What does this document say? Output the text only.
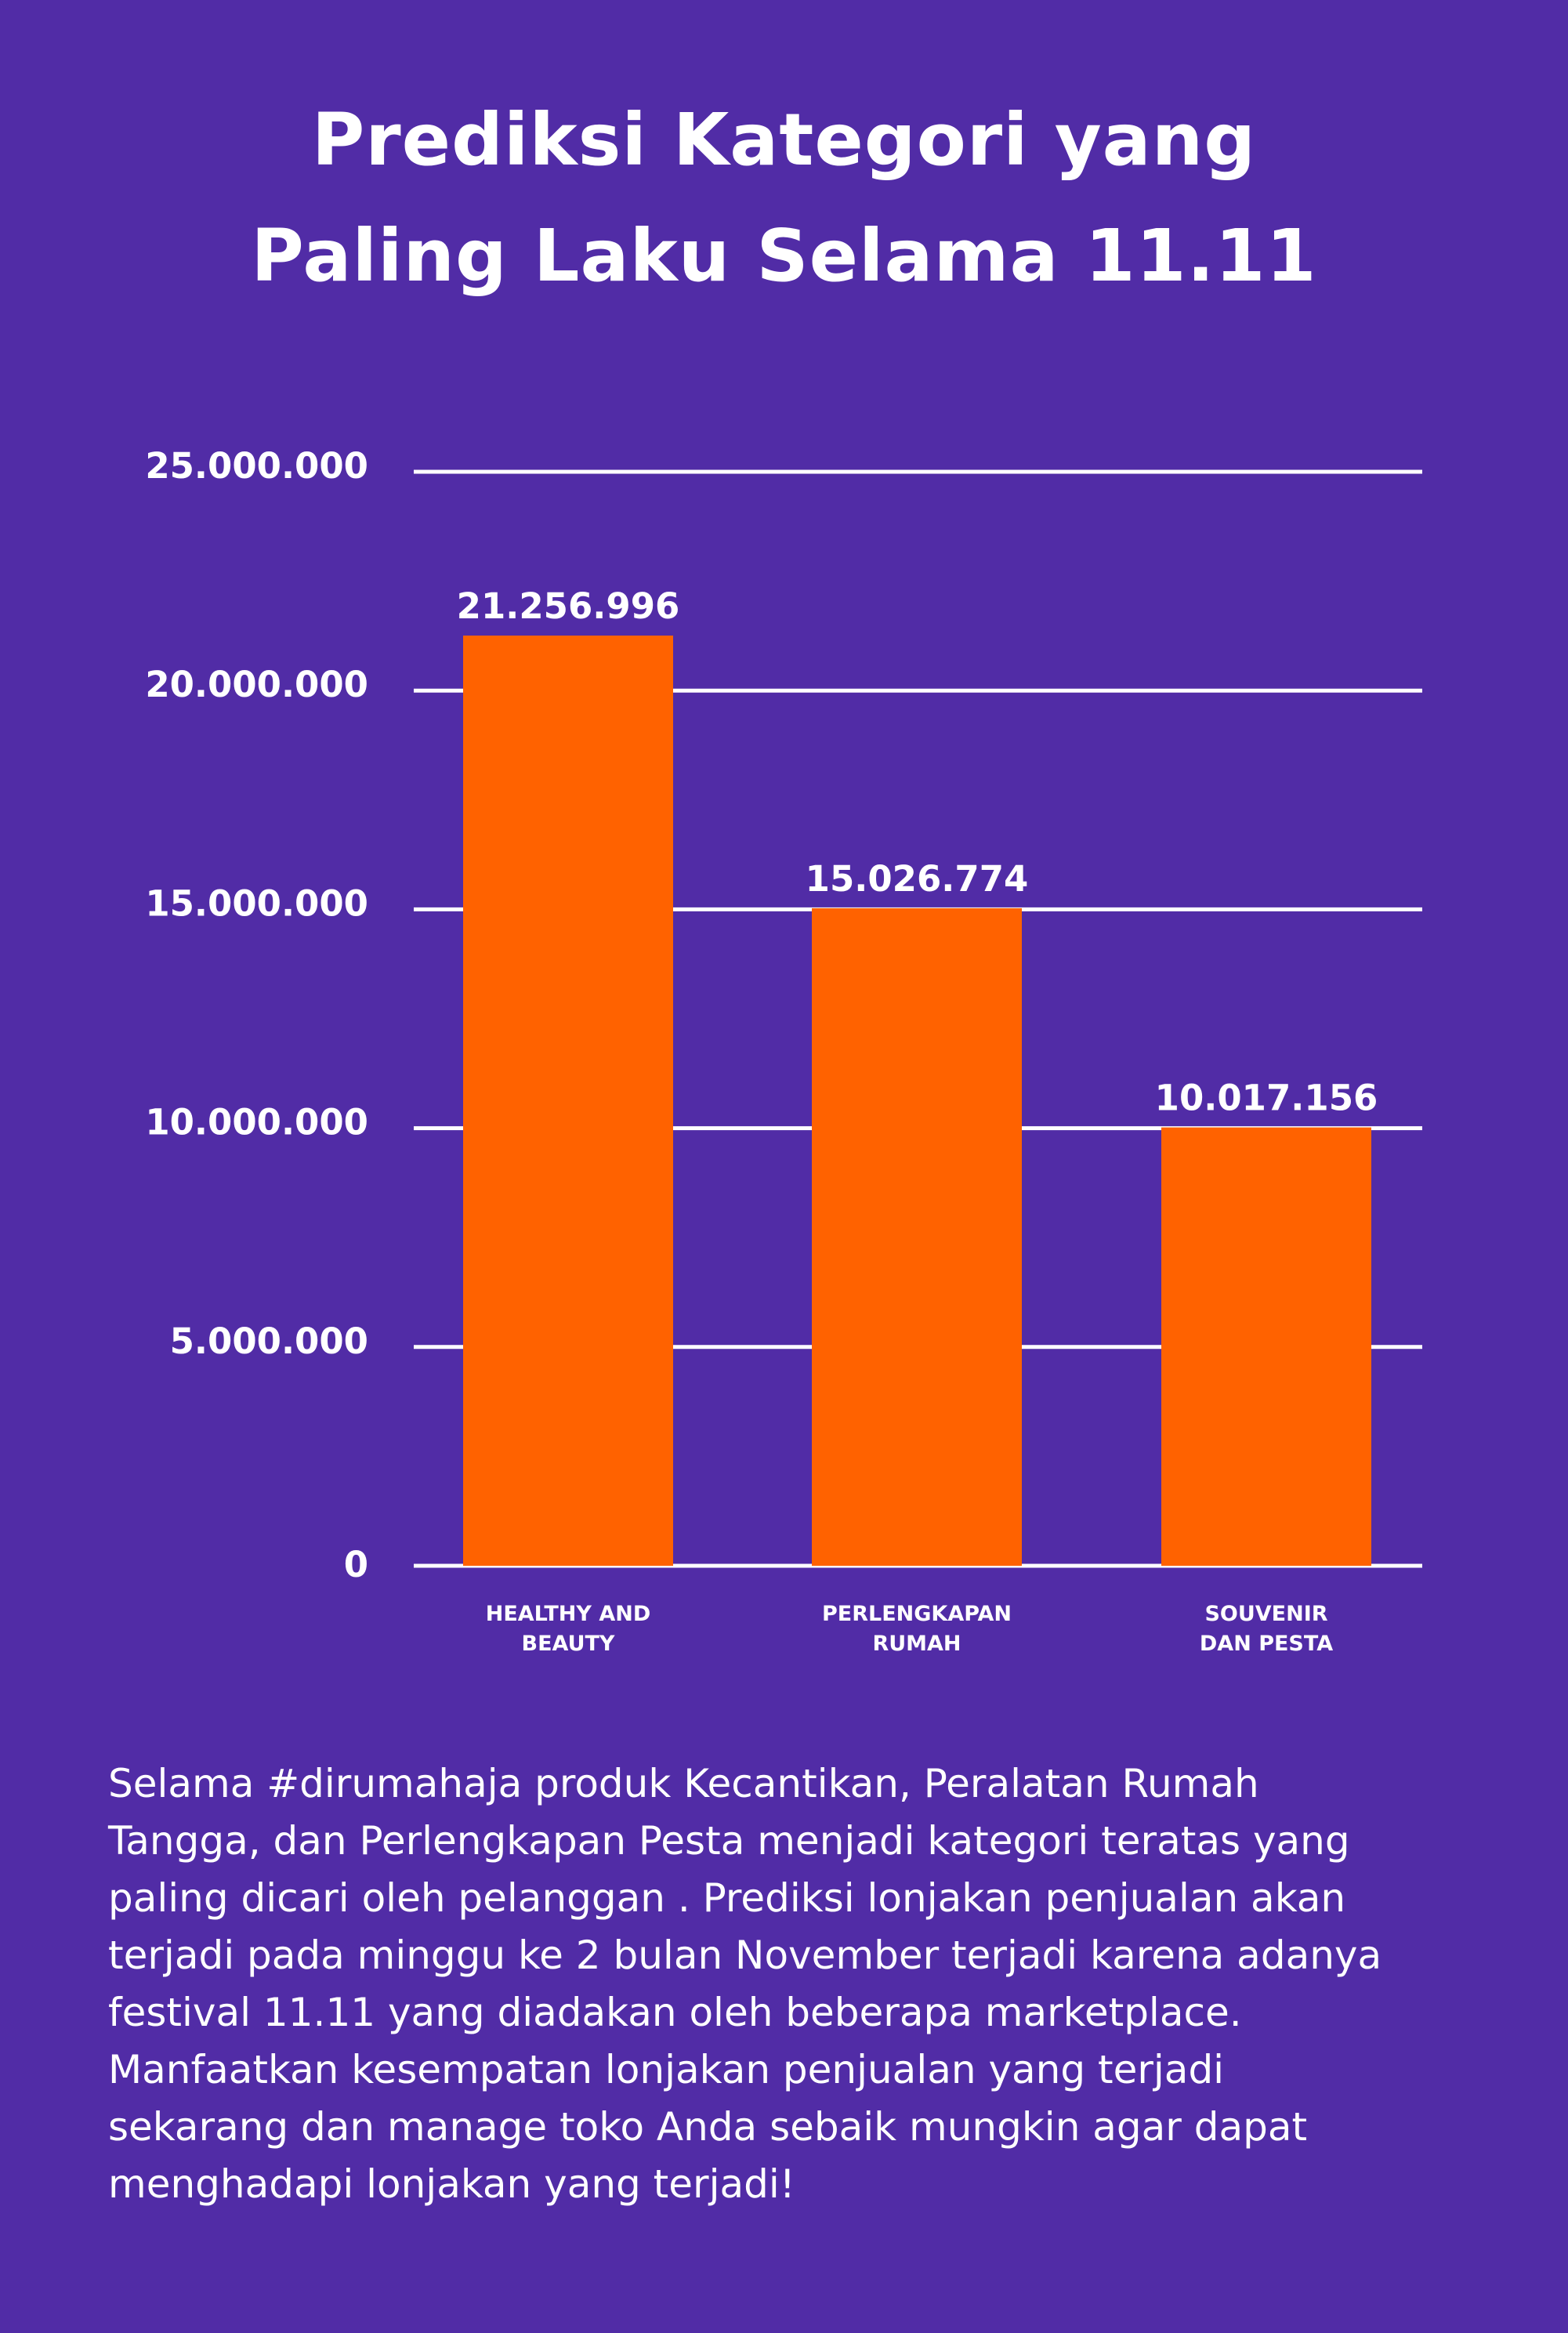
Prediksi Kategori yang
Paling Laku Selama 11.11
0
5.000.000
10.000.000
15.000.000
20.000.000
25.000.000
21.256.996
HEALTHY AND
BEAUTY
15.026.774
PERLENGKAPAN
RUMAH
10.017.156
SOUVENIR
DAN PESTA

Selama #dirumahaja produk Kecantikan, Peralatan Rumah
Tangga, dan Perlengkapan Pesta menjadi kategori teratas yang
paling dicari oleh pelanggan . Prediksi lonjakan penjualan akan
terjadi pada minggu ke 2 bulan November terjadi karena adanya
festival 11.11 yang diadakan oleh beberapa marketplace.
Manfaatkan kesempatan lonjakan penjualan yang terjadi
sekarang dan manage toko Anda sebaik mungkin agar dapat
menghadapi lonjakan yang terjadi!
